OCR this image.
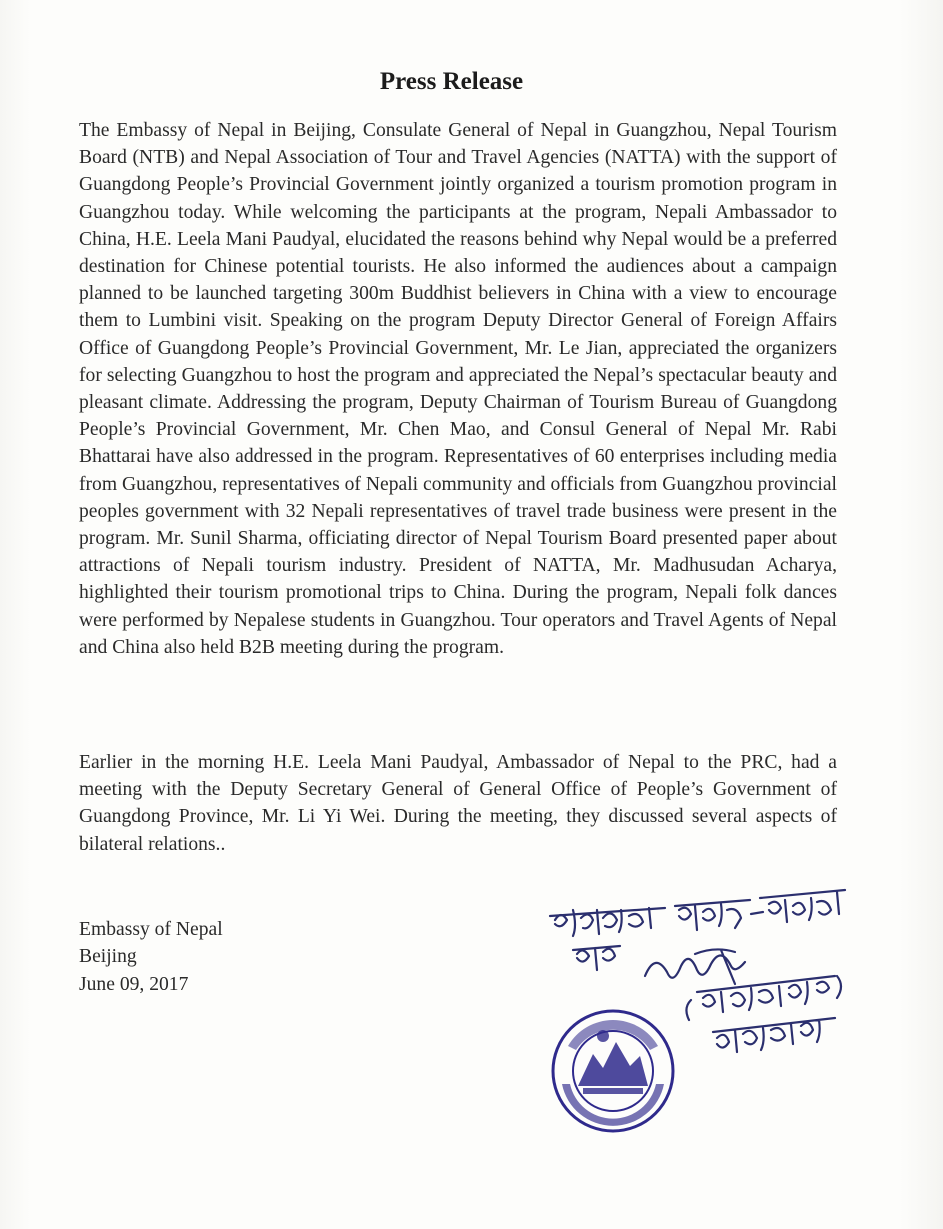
Press Release

The Embassy of Nepal in Beijing, Consulate General of Nepal in Guangzhou, Nepal Tourism Board (NTB) and Nepal Association of Tour and Travel Agencies (NATTA) with the support of Guangdong People’s Provincial Government jointly organized a tourism promotion program in Guangzhou today. While welcoming the participants at the program, Nepali Ambassador to China, H.E. Leela Mani Paudyal, elucidated the reasons behind why Nepal would be a preferred destination for Chinese potential tourists. He also informed the audiences about a campaign planned to be launched targeting 300m Buddhist believers in China with a view to encourage them to Lumbini visit. Speaking on the program Deputy Director General of Foreign Affairs Office of Guangdong People’s Provincial Government, Mr. Le Jian, appreciated the organizers for selecting Guangzhou to host the program and appreciated the Nepal’s spectacular beauty and pleasant climate. Addressing the program, Deputy Chairman of Tourism Bureau of Guangdong People’s Provincial Government, Mr. Chen Mao, and Consul General of Nepal Mr. Rabi Bhattarai have also addressed in the program. Representatives of 60 enterprises including media from Guangzhou, representatives of Nepali community and officials from Guangzhou provincial peoples government with 32 Nepali representatives of travel trade business were present in the program. Mr. Sunil Sharma, officiating director of Nepal Tourism Board presented paper about attractions of Nepali tourism industry. President of NATTA, Mr. Madhusudan Acharya, highlighted their tourism promotional trips to China. During the program, Nepali folk dances were performed by Nepalese students in Guangzhou. Tour operators and Travel Agents of Nepal and China also held B2B meeting during the program.

Earlier in the morning H.E. Leela Mani Paudyal, Ambassador of Nepal to the PRC, had a meeting with the Deputy Secretary General of General Office of People’s Government of Guangdong Province, Mr. Li Yi Wei. During the meeting, they discussed several aspects of bilateral relations..

Embassy of Nepal
Beijing
June 09, 2017
